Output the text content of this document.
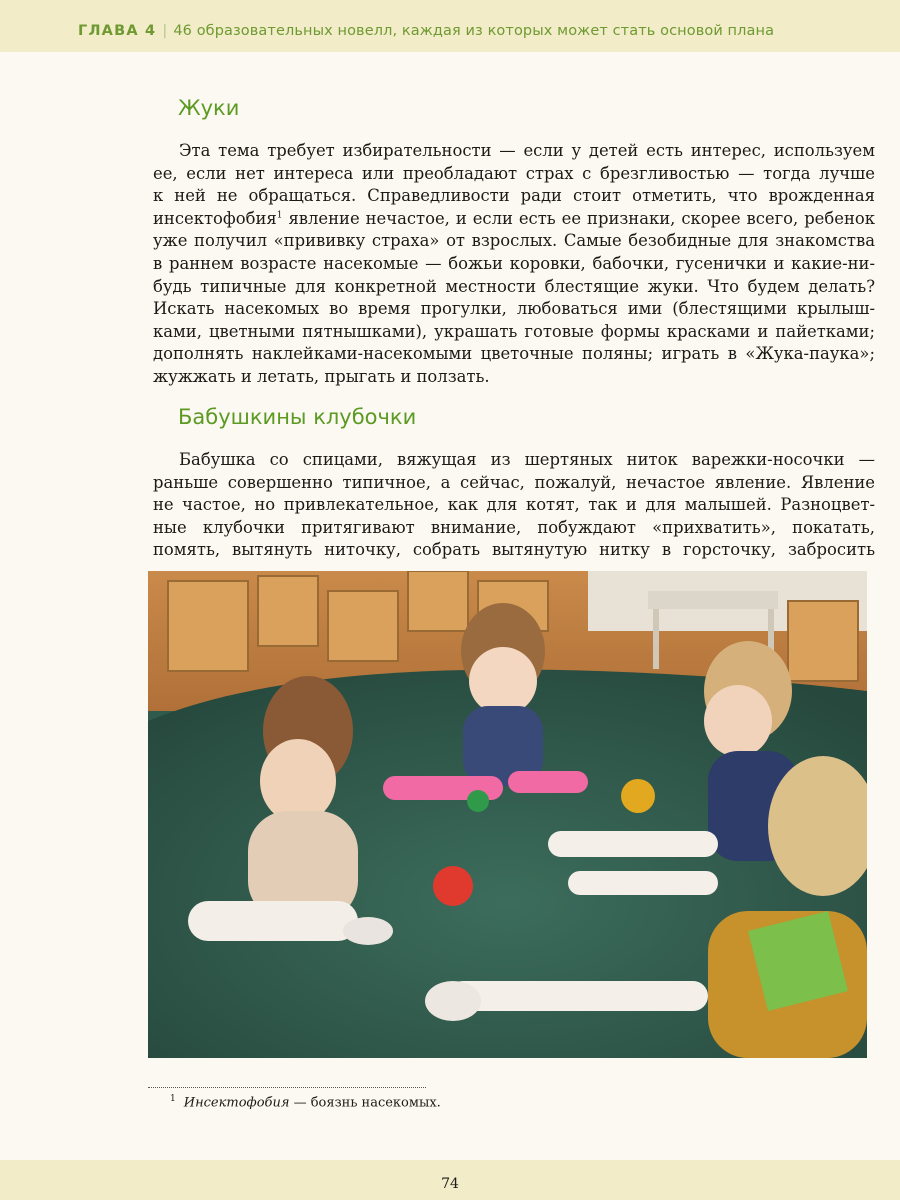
ГЛАВА 4 | 46 образовательных новелл, каждая из которых может стать основой плана
Жуки
Эта тема требует избирательности — если у детей есть интерес, используем
ее, если нет интереса или преобладают страх с брезгливостью — тогда лучше
к ней не обращаться. Справедливости ради стоит отметить, что врожденная
инсектофобия$^1$ явление нечастое, и если есть ее признаки, скорее всего, ребенок
уже получил «прививку страха» от взрослых. Самые безобидные для знакомства
в раннем возрасте насекомые — божьи коровки, бабочки, гусенички и какие-ни-
будь типичные для конкретной местности блестящие жуки. Что будем делать?
Искать насекомых во время прогулки, любоваться ими (блестящими крылыш-
ками, цветными пятнышками), украшать готовые формы красками и пайетками;
дополнять наклейками-насекомыми цветочные поляны; играть в «Жука-паука»;
жужжать и летать, прыгать и ползать.
Бабушкины клубочки
Бабушка со спицами, вяжущая из шертяных ниток варежки-носочки —
раньше совершенно типичное, а сейчас, пожалуй, нечастое явление. Явление
не частое, но привлекательное, как для котят, так и для малышей. Разноцвет-
ные клубочки притягивают внимание, побуждают «прихватить», покатать,
помять, вытянуть ниточку, собрать вытянутую нитку в горсточку, забросить
$^1$ Инсектофобия — боязнь насекомых.
74
